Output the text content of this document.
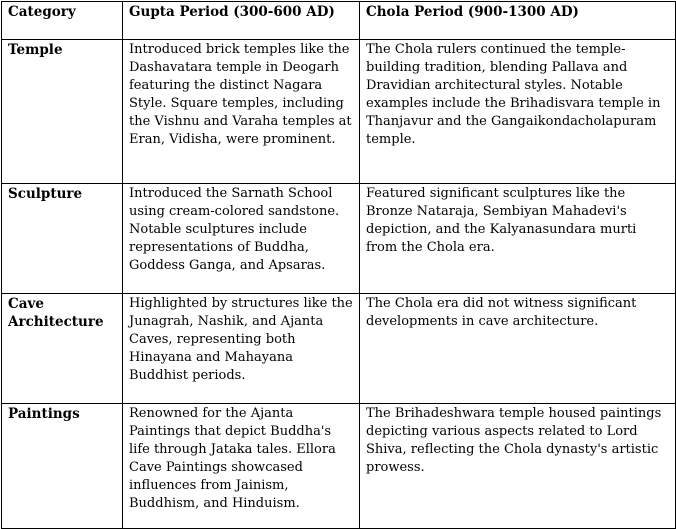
Category	Gupta Period (300-600 AD)	Chola Period (900-1300 AD)
Temple	Introduced brick temples like the Dashavatara temple in Deogarh featuring the distinct Nagara Style. Square temples, including the Vishnu and Varaha temples at Eran, Vidisha, were prominent.	The Chola rulers continued the temple-building tradition, blending Pallava and Dravidian architectural styles. Notable examples include the Brihadisvara temple in Thanjavur and the Gangaikondacholapuram temple.
Sculpture	Introduced the Sarnath School using cream-colored sandstone. Notable sculptures include representations of Buddha, Goddess Ganga, and Apsaras.	Featured significant sculptures like the Bronze Nataraja, Sembiyan Mahadevi's depiction, and the Kalyanasundara murti from the Chola era.
Cave Architecture	Highlighted by structures like the Junagrah, Nashik, and Ajanta Caves, representing both Hinayana and Mahayana Buddhist periods.	The Chola era did not witness significant developments in cave architecture.
Paintings	Renowned for the Ajanta Paintings that depict Buddha's life through Jataka tales. Ellora Cave Paintings showcased influences from Jainism, Buddhism, and Hinduism.	The Brihadeshwara temple housed paintings depicting various aspects related to Lord Shiva, reflecting the Chola dynasty's artistic prowess.
